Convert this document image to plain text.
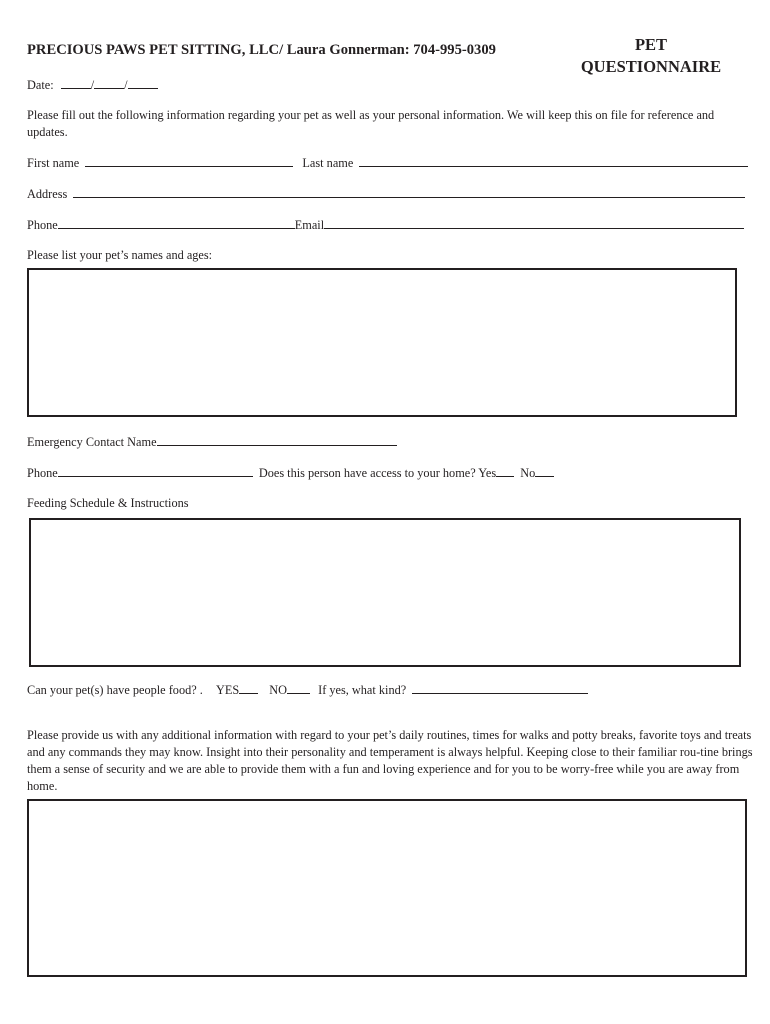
PRECIOUS PAWS PET SITTING, LLC/ Laura Gonnerman: 704-995-0309	PET
QUESTIONNAIRE
Date:	/ /
Please fill out the following information regarding your pet as well as your personal information. We will keep this on file for reference and updates.
First name	Last name
Address
Phone	Email
Please list your pet’s names and ages:
Emergency Contact Name
Phone	Does this person have access to your home? Yes No
Feeding Schedule & Instructions
Can your pet(s) have people food? . YES NO	If yes, what kind?
Please provide us with any additional information with regard to your pet’s daily routines, times for walks and potty breaks, favorite toys and treats and any commands they may know. Insight into their personality and temperament is always helpful. Keeping close to their familiar rou-tine brings them a sense of security and we are able to provide them with a fun and loving experience and for you to be worry-free while you are away from home.
